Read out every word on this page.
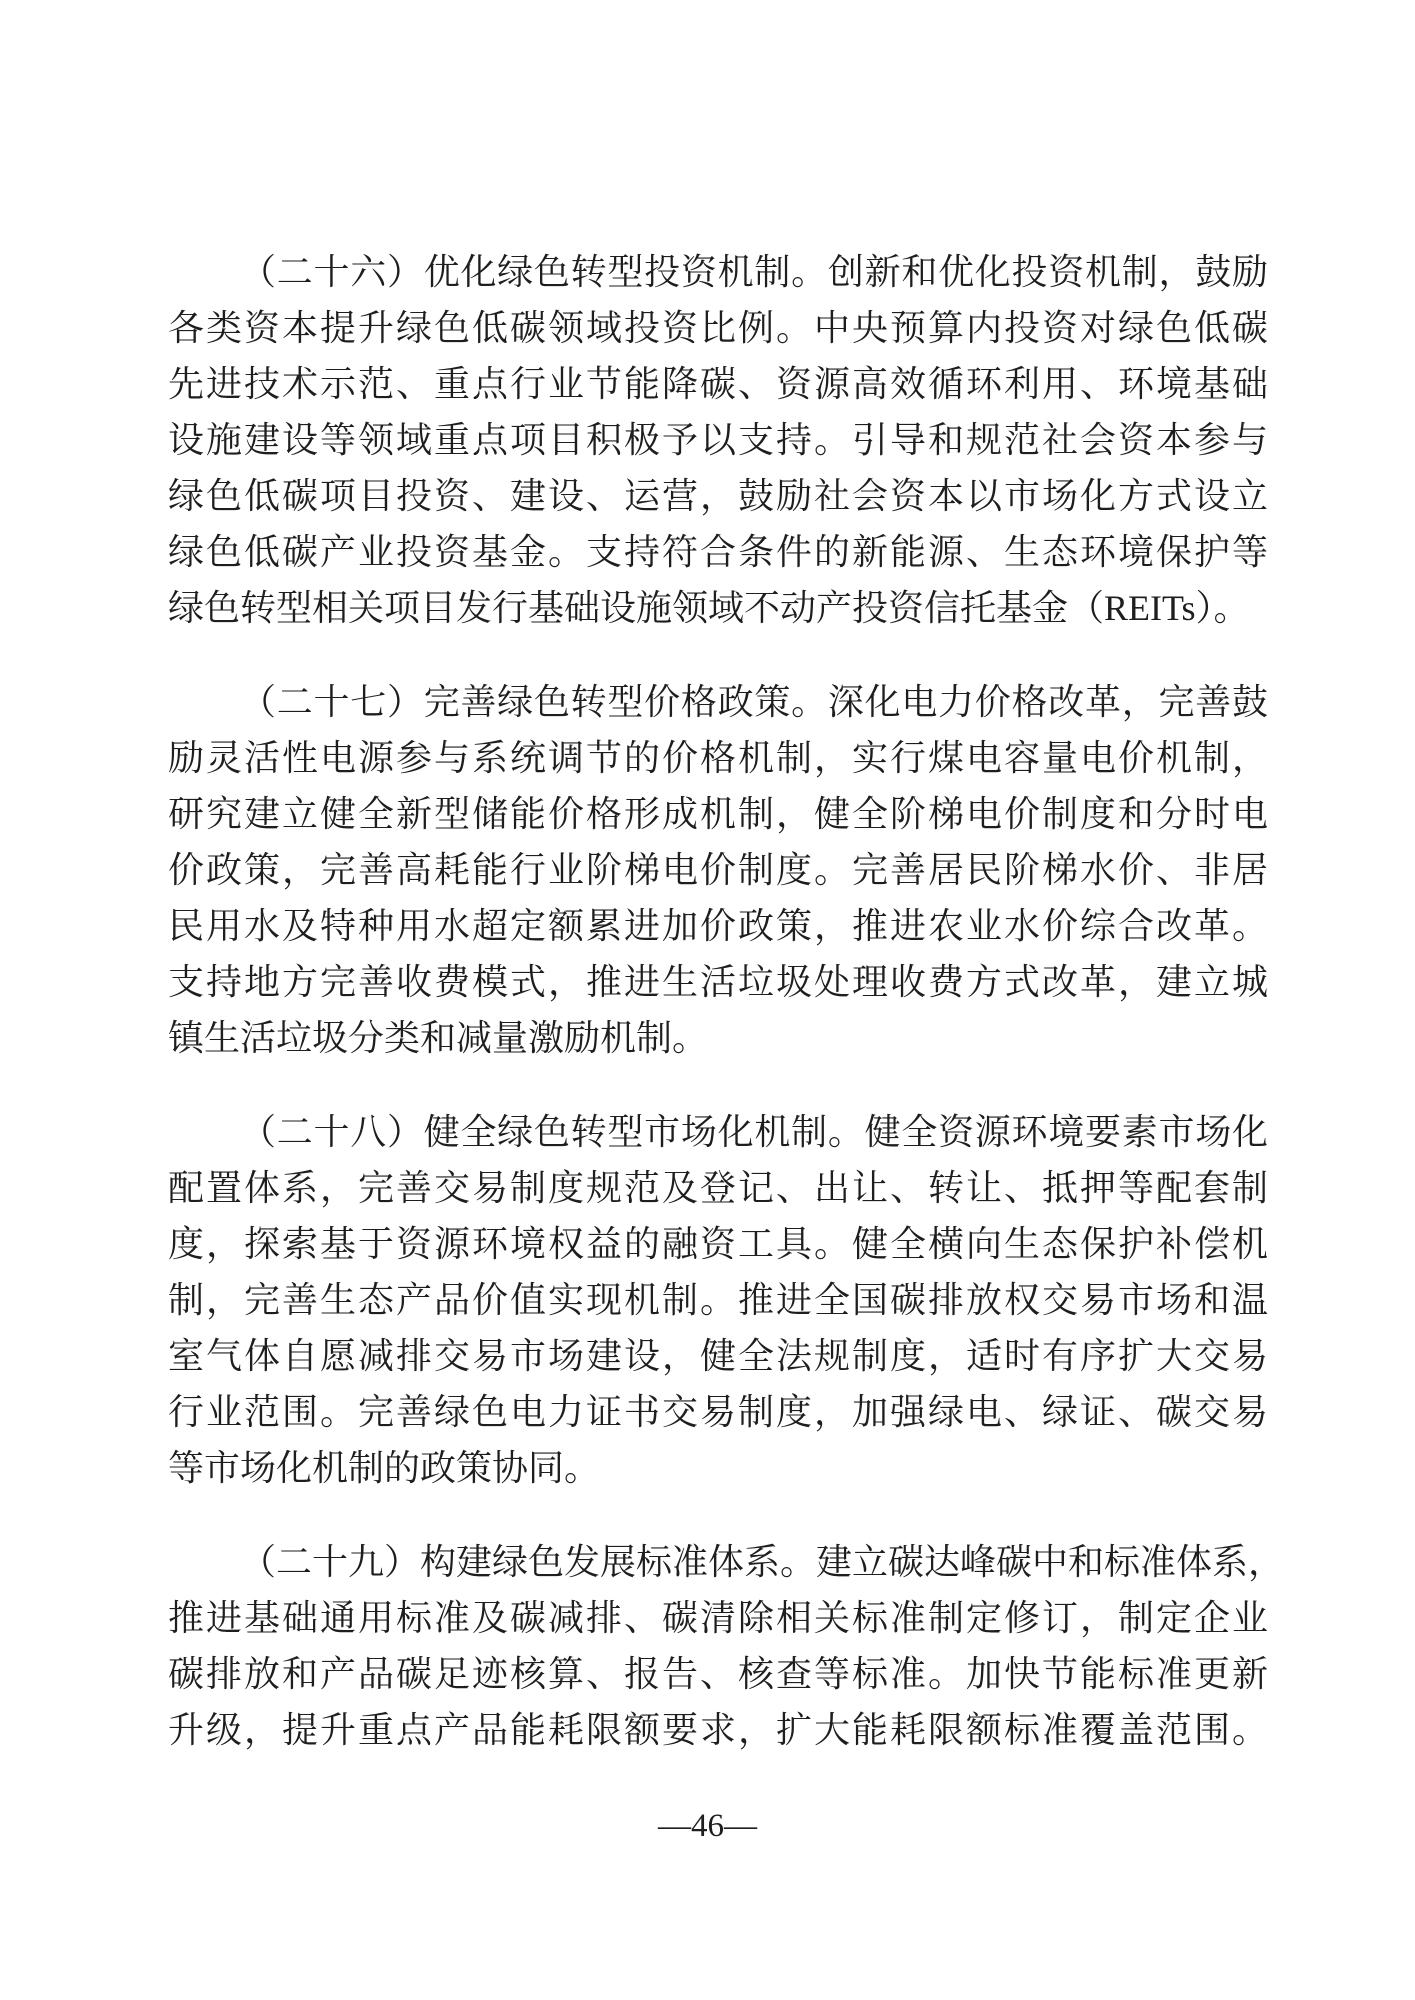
（二十六）优化绿色转型投资机制。创新和优化投资机制，鼓励
各类资本提升绿色低碳领域投资比例。中央预算内投资对绿色低碳
先进技术示范、重点行业节能降碳、资源高效循环利用、环境基础
设施建设等领域重点项目积极予以支持。引导和规范社会资本参与
绿色低碳项目投资、建设、运营，鼓励社会资本以市场化方式设立
绿色低碳产业投资基金。支持符合条件的新能源、生态环境保护等
绿色转型相关项目发行基础设施领域不动产投资信托基金（REITs）。
（二十七）完善绿色转型价格政策。深化电力价格改革，完善鼓
励灵活性电源参与系统调节的价格机制，实行煤电容量电价机制，
研究建立健全新型储能价格形成机制，健全阶梯电价制度和分时电
价政策，完善高耗能行业阶梯电价制度。完善居民阶梯水价、非居
民用水及特种用水超定额累进加价政策，推进农业水价综合改革。
支持地方完善收费模式，推进生活垃圾处理收费方式改革，建立城
镇生活垃圾分类和减量激励机制。
（二十八）健全绿色转型市场化机制。健全资源环境要素市场化
配置体系，完善交易制度规范及登记、出让、转让、抵押等配套制
度，探索基于资源环境权益的融资工具。健全横向生态保护补偿机
制，完善生态产品价值实现机制。推进全国碳排放权交易市场和温
室气体自愿减排交易市场建设，健全法规制度，适时有序扩大交易
行业范围。完善绿色电力证书交易制度，加强绿电、绿证、碳交易
等市场化机制的政策协同。
（二十九）构建绿色发展标准体系。建立碳达峰碳中和标准体系，
推进基础通用标准及碳减排、碳清除相关标准制定修订，制定企业
碳排放和产品碳足迹核算、报告、核查等标准。加快节能标准更新
升级，提升重点产品能耗限额要求，扩大能耗限额标准覆盖范围。
—46—
